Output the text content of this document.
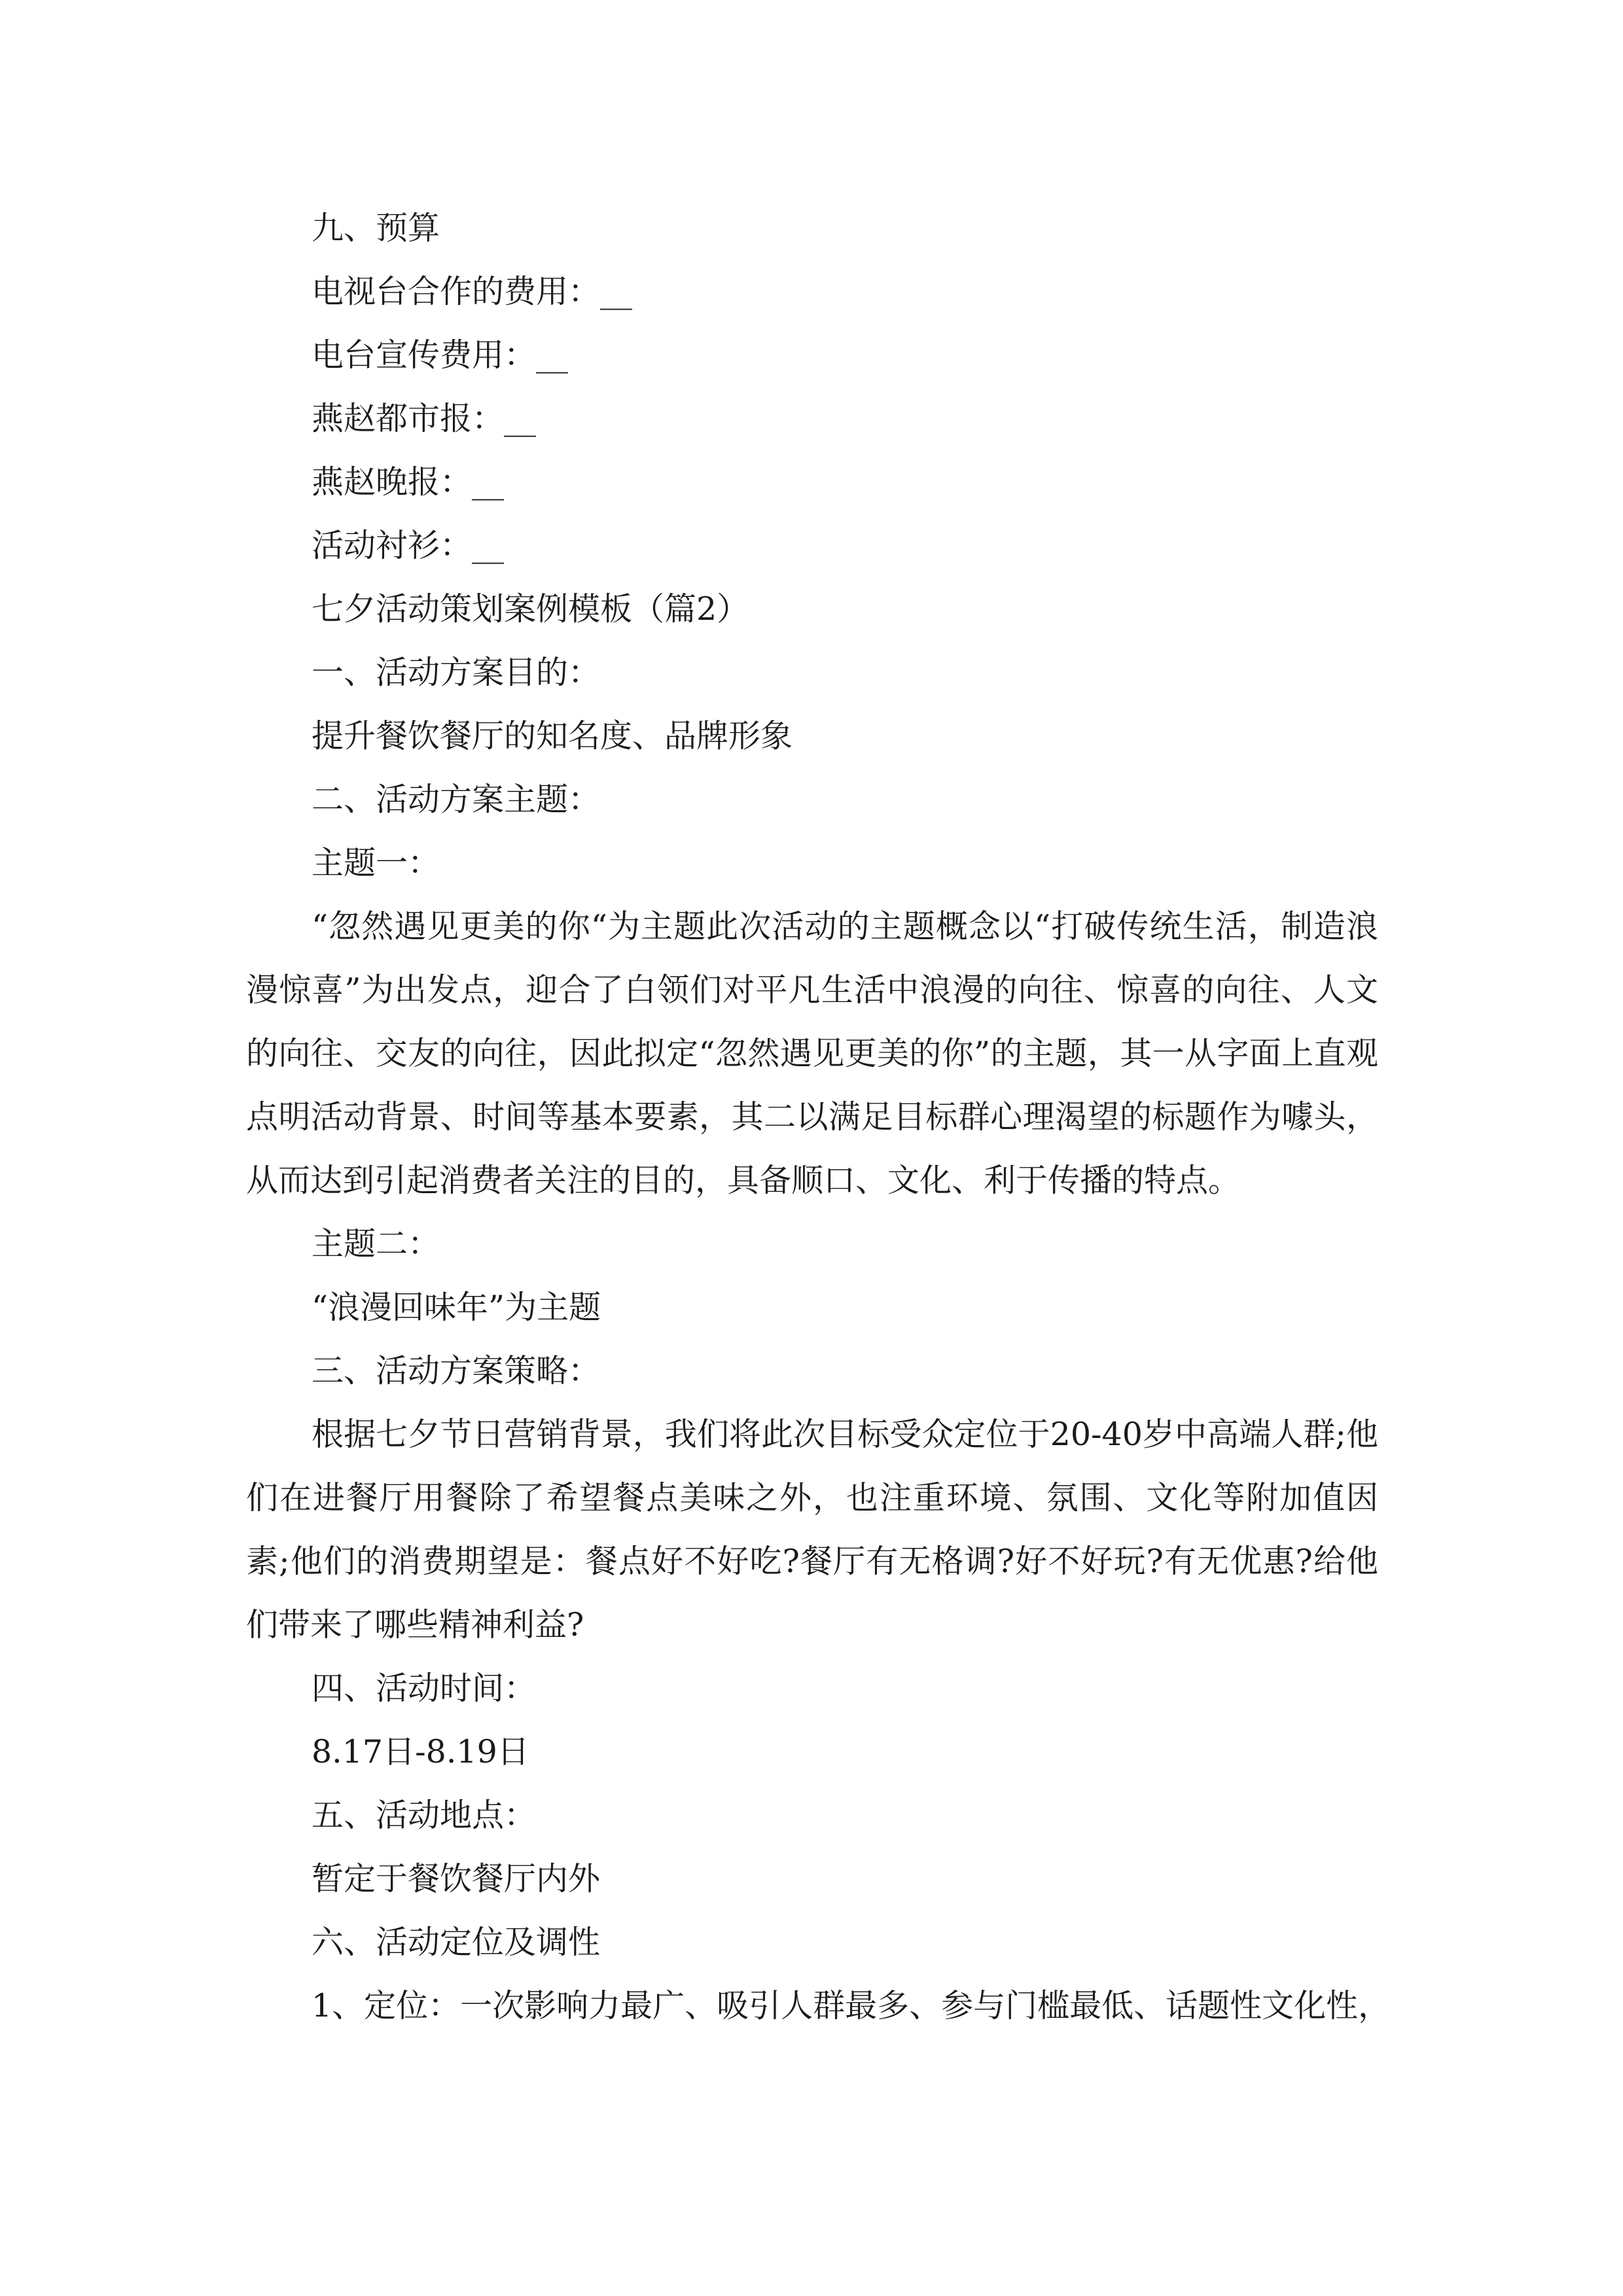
九、预算

电视台合作的费用：__

电台宣传费用：__

燕赵都市报：__

燕赵晚报：__

活动衬衫：__

七夕活动策划案例模板（篇2）

一、活动方案目的：

提升餐饮餐厅的知名度、品牌形象

二、活动方案主题：

主题一：

“忽然遇见更美的你“为主题此次活动的主题概念以“打破传统生活，制造浪漫惊喜”为出发点，迎合了白领们对平凡生活中浪漫的向往、惊喜的向往、人文的向往、交友的向往，因此拟定“忽然遇见更美的你”的主题，其一从字面上直观点明活动背景、时间等基本要素，其二以满足目标群心理渴望的标题作为噱头，从而达到引起消费者关注的目的，具备顺口、文化、利于传播的特点。

主题二：

“浪漫回味年”为主题

三、活动方案策略：

根据七夕节日营销背景，我们将此次目标受众定位于20-40岁中高端人群;他们在进餐厅用餐除了希望餐点美味之外，也注重环境、氛围、文化等附加值因素;他们的消费期望是：餐点好不好吃?餐厅有无格调?好不好玩?有无优惠?给他们带来了哪些精神利益?

四、活动时间：

8.17日-8.19日

五、活动地点：

暂定于餐饮餐厅内外

六、活动定位及调性

1、定位：一次影响力最广、吸引人群最多、参与门槛最低、话题性文化性，
